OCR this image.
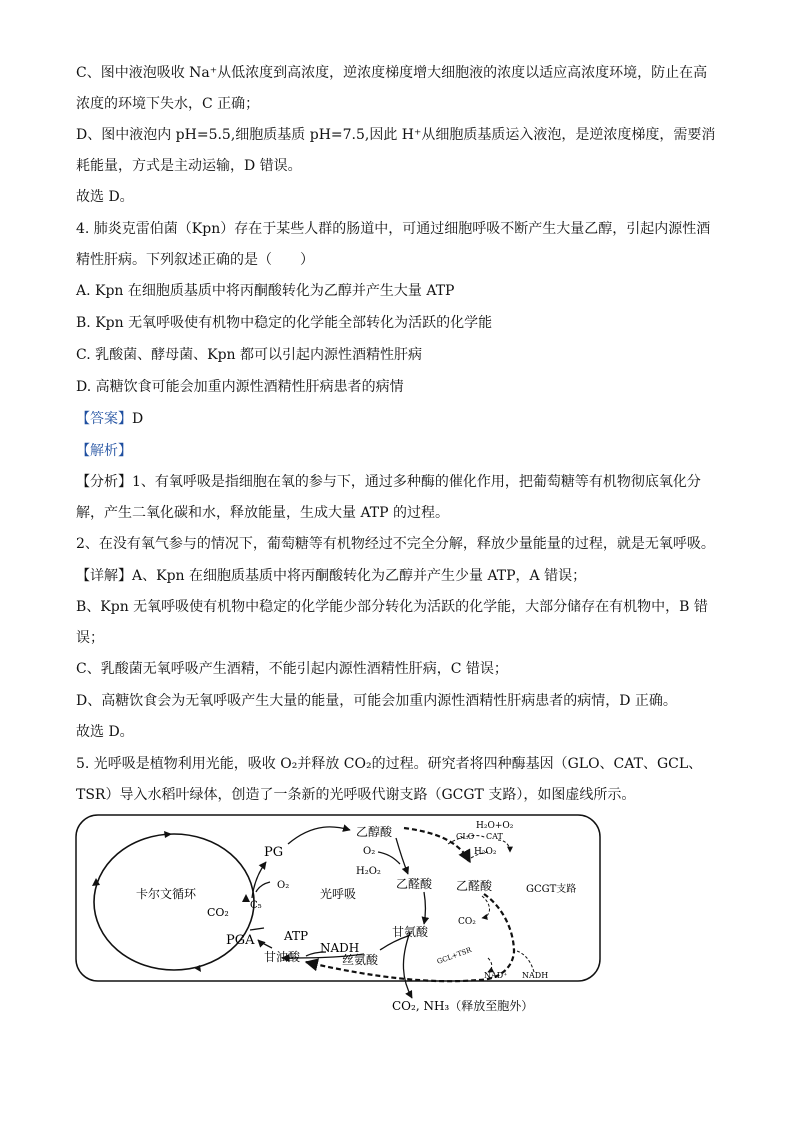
C、图中液泡吸收 Na⁺从低浓度到高浓度，逆浓度梯度增大细胞液的浓度以适应高浓度环境，防止在高浓度的环境下失水，C 正确；

D、图中液泡内 pH=5.5,细胞质基质 pH=7.5,因此 H⁺从细胞质基质运入液泡，是逆浓度梯度，需要消耗能量，方式是主动运输，D 错误。

故选 D。

4. 肺炎克雷伯菌（Kpn）存在于某些人群的肠道中，可通过细胞呼吸不断产生大量乙醇，引起内源性酒精性肝病。下列叙述正确的是（　　）

A. Kpn 在细胞质基质中将丙酮酸转化为乙醇并产生大量 ATP

B. Kpn 无氧呼吸使有机物中稳定的化学能全部转化为活跃的化学能

C. 乳酸菌、酵母菌、Kpn 都可以引起内源性酒精性肝病

D. 高糖饮食可能会加重内源性酒精性肝病患者的病情

【答案】D

【解析】

【分析】1、有氧呼吸是指细胞在氧的参与下，通过多种酶的催化作用，把葡萄糖等有机物彻底氧化分解，产生二氧化碳和水，释放能量，生成大量 ATP 的过程。

2、在没有氧气参与的情况下，葡萄糖等有机物经过不完全分解，释放少量能量的过程，就是无氧呼吸。

【详解】A、Kpn 在细胞质基质中将丙酮酸转化为乙醇并产生少量 ATP，A 错误；

B、Kpn 无氧呼吸使有机物中稳定的化学能少部分转化为活跃的化学能，大部分储存在有机物中，B 错误；

C、乳酸菌无氧呼吸产生酒精，不能引起内源性酒精性肝病，C 错误；

D、高糖饮食会为无氧呼吸产生大量的能量，可能会加重内源性酒精性肝病患者的病情，D 正确。

故选 D。

5. 光呼吸是植物利用光能，吸收 O₂并释放 CO₂的过程。研究者将四种酶基因（GLO、CAT、GCL、TSR）导入水稻叶绿体，创造了一条新的光呼吸代谢支路（GCGT 支路），如图虚线所示。

卡尔文循环
CO₂
C₅
PG
O₂
PGA ATP
甘油酸
光呼吸
乙醇酸
O₂
H₂O₂
乙醛酸
甘氨酸
NADH
丝氨酸
H₂O+O₂
GLO CAT
H₂O₂
乙醛酸	GCGT支路
CO₂
GCL+TSR
NAD⁺ NADH
CO₂, NH₃（释放至胞外）
